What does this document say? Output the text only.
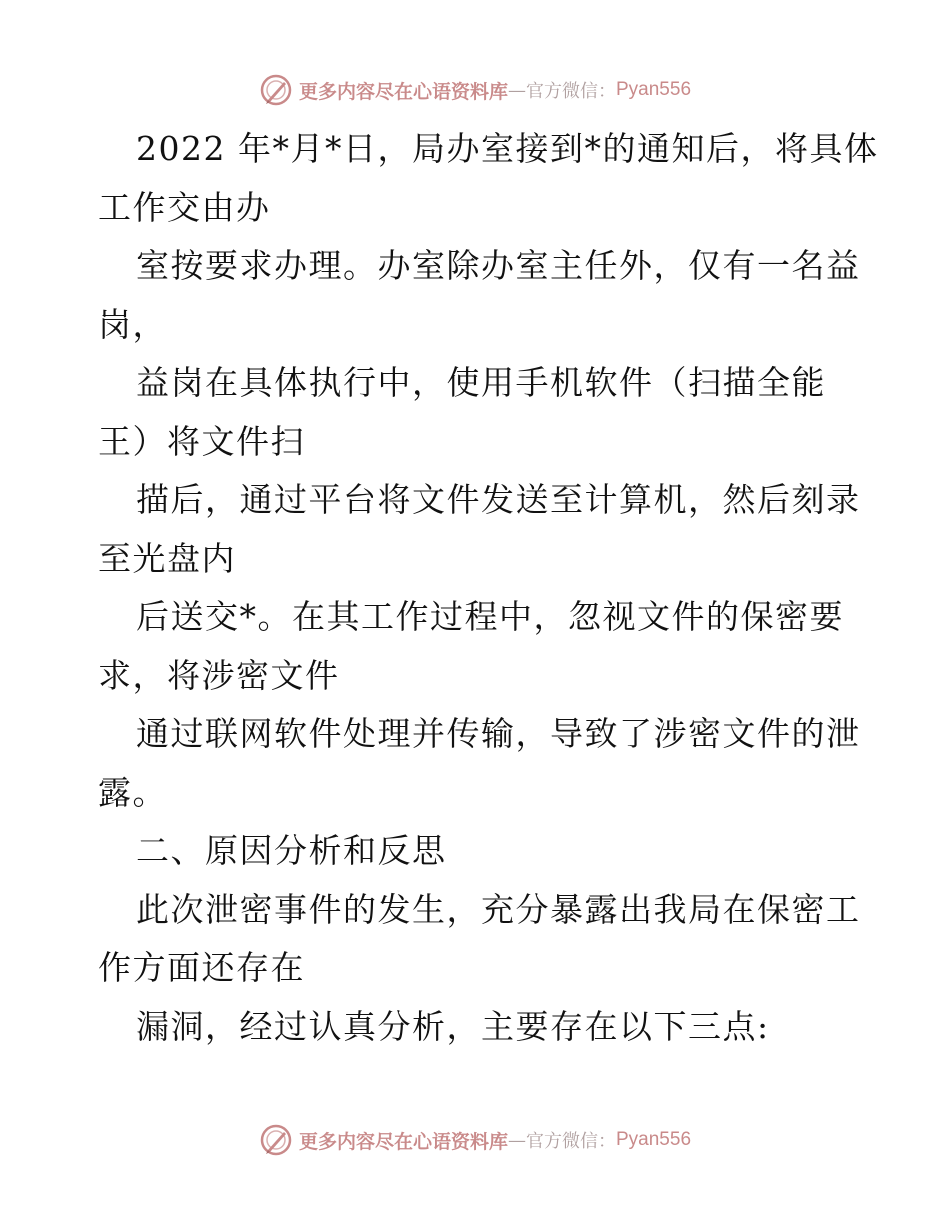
更多内容尽在心语资料库 — 官方微信： Pyan556
2022 年*月*日，局办室接到*的通知后，将具体
工作交由办
室按要求办理。办室除办室主任外，仅有一名益
岗，
益岗在具体执行中，使用手机软件（扫描全能
王）将文件扫
描后，通过平台将文件发送至计算机，然后刻录
至光盘内
后送交*。在其工作过程中，忽视文件的保密要
求，将涉密文件
通过联网软件处理并传输，导致了涉密文件的泄
露。
二、原因分析和反思
此次泄密事件的发生，充分暴露出我局在保密工
作方面还存在
漏洞，经过认真分析，主要存在以下三点:
更多内容尽在心语资料库 — 官方微信： Pyan556
